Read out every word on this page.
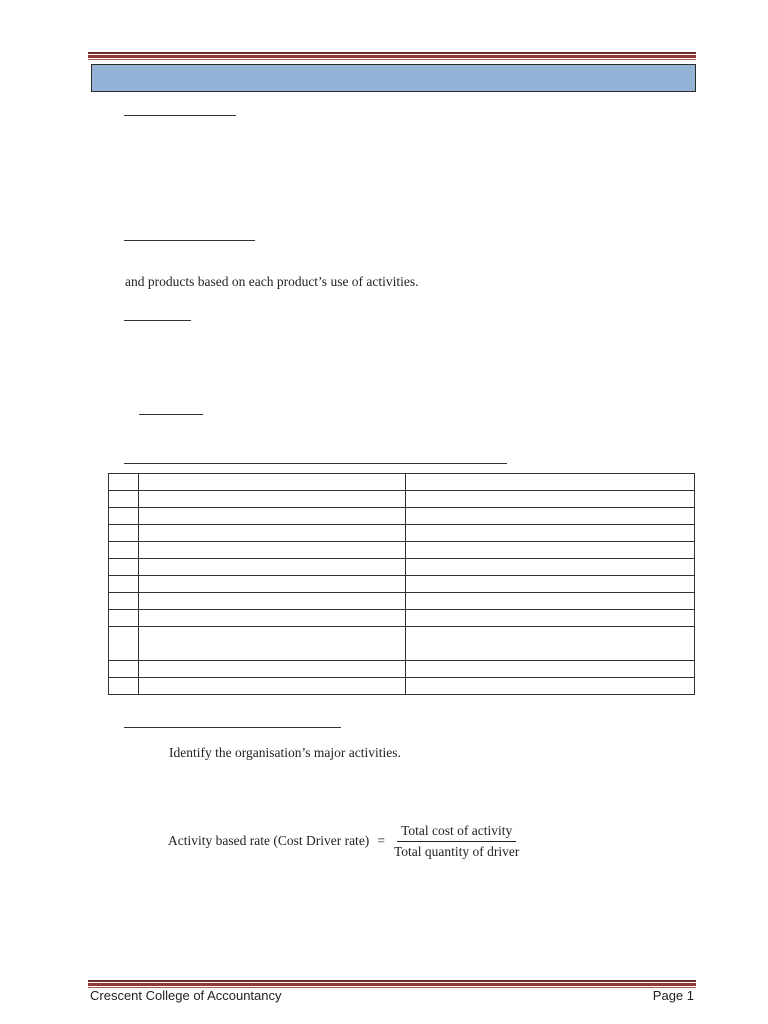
and products based on each product’s use of activities.

Identify the organisation’s major activities.
Activity based rate (Cost Driver rate) = $\frac{\text{Total cost of activity}}{\text{Total quantity of driver}}$
Crescent College of Accountancy	Page 1
